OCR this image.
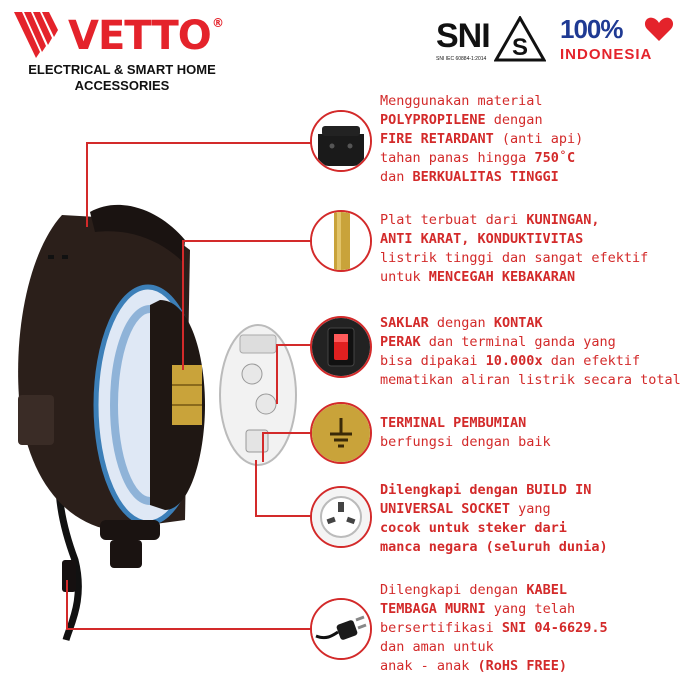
VETTO ®
ELECTRICAL & SMART HOME
ACCESSORIES
SNI
SNI IEC 60884-1:2014	S
100%
INDONESIA
Menggunakan material
POLYPROPILENE dengan
FIRE RETARDANT (anti api)
tahan panas hingga 750˚C
dan BERKUALITAS TINGGI
Plat terbuat dari KUNINGAN,
ANTI KARAT, KONDUKTIVITAS
listrik tinggi dan sangat efektif
untuk MENCEGAH KEBAKARAN
SAKLAR dengan KONTAK
PERAK dan terminal ganda yang
bisa dipakai 10.000x dan efektif
mematikan aliran listrik secara total
TERMINAL PEMBUMIAN
berfungsi dengan baik
Dilengkapi dengan BUILD IN
UNIVERSAL SOCKET yang
cocok untuk steker dari
manca negara (seluruh dunia)
Dilengkapi dengan KABEL
TEMBAGA MURNI yang telah
bersertifikasi SNI 04-6629.5
dan aman untuk
anak - anak (RoHS FREE)
